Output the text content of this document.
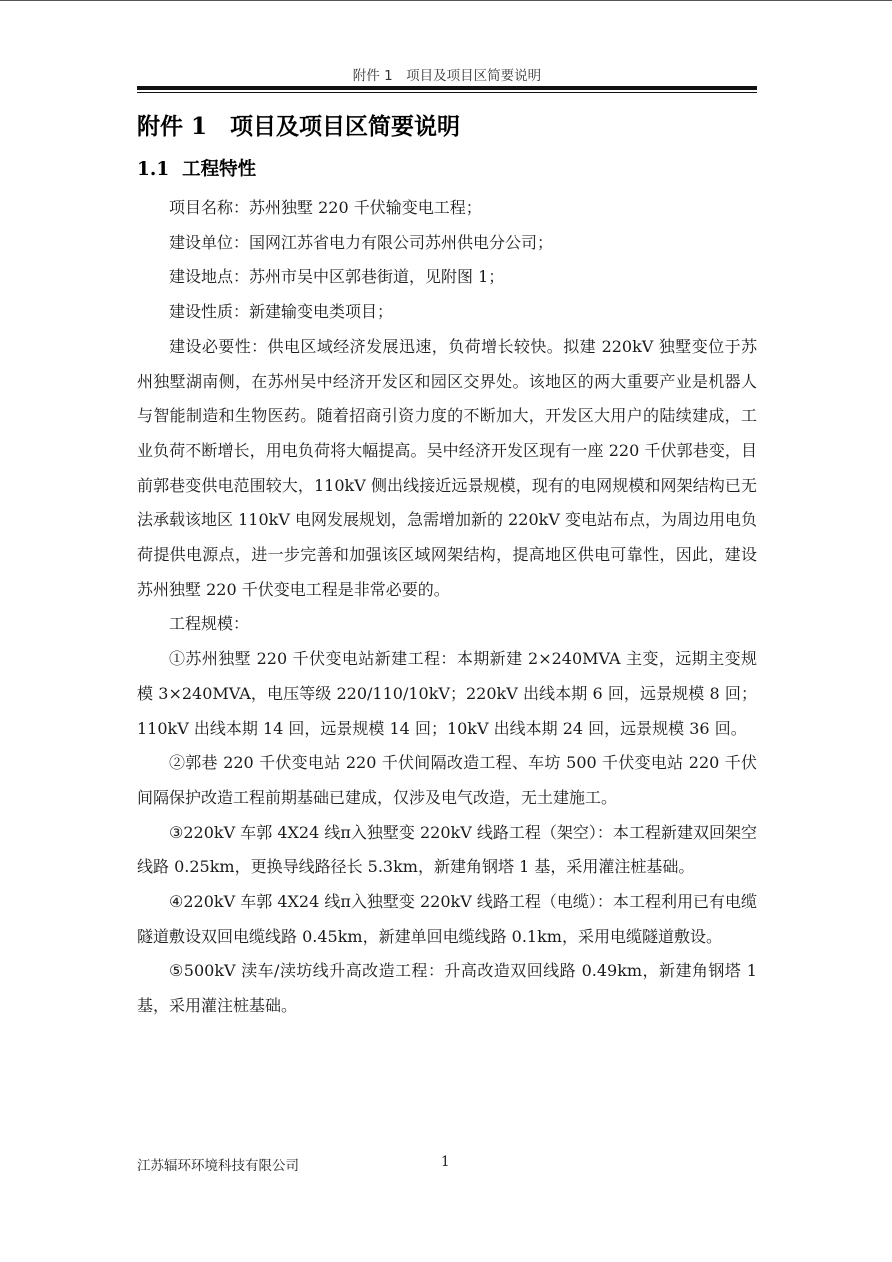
附件 1　项目及项目区简要说明
附件 1　项目及项目区简要说明
1.1  工程特性

项目名称：苏州独墅 220 千伏输变电工程；

建设单位：国网江苏省电力有限公司苏州供电分公司；

建设地点：苏州市吴中区郭巷街道，见附图 1；

建设性质：新建输变电类项目；

建设必要性：供电区域经济发展迅速，负荷增长较快。拟建 220kV 独墅变位于苏州独墅湖南侧，在苏州吴中经济开发区和园区交界处。该地区的两大重要产业是机器人与智能制造和生物医药。随着招商引资力度的不断加大，开发区大用户的陆续建成，工业负荷不断增长，用电负荷将大幅提高。吴中经济开发区现有一座 220 千伏郭巷变，目前郭巷变供电范围较大，110kV 侧出线接近远景规模，现有的电网规模和网架结构已无法承载该地区 110kV 电网发展规划，急需增加新的 220kV 变电站布点，为周边用电负荷提供电源点，进一步完善和加强该区域网架结构，提高地区供电可靠性，因此，建设苏州独墅 220 千伏变电工程是非常必要的。

工程规模：

①苏州独墅 220 千伏变电站新建工程：本期新建 2×240MVA 主变，远期主变规模 3×240MVA，电压等级 220/110/10kV；220kV 出线本期 6 回，远景规模 8 回；110kV 出线本期 14 回，远景规模 14 回；10kV 出线本期 24 回，远景规模 36 回。

②郭巷 220 千伏变电站 220 千伏间隔改造工程、车坊 500 千伏变电站 220 千伏间隔保护改造工程前期基础已建成，仅涉及电气改造，无土建施工。

③220kV 车郭 4X24 线π入独墅变 220kV 线路工程（架空）：本工程新建双回架空线路 0.25km，更换导线路径长 5.3km，新建角钢塔 1 基，采用灌注桩基础。

④220kV 车郭 4X24 线π入独墅变 220kV 线路工程（电缆）：本工程利用已有电缆隧道敷设双回电缆线路 0.45km，新建单回电缆线路 0.1km，采用电缆隧道敷设。

⑤500kV 渎车/渎坊线升高改造工程：升高改造双回线路 0.49km，新建角钢塔 1 基，采用灌注桩基础。

江苏辐环环境科技有限公司	1
